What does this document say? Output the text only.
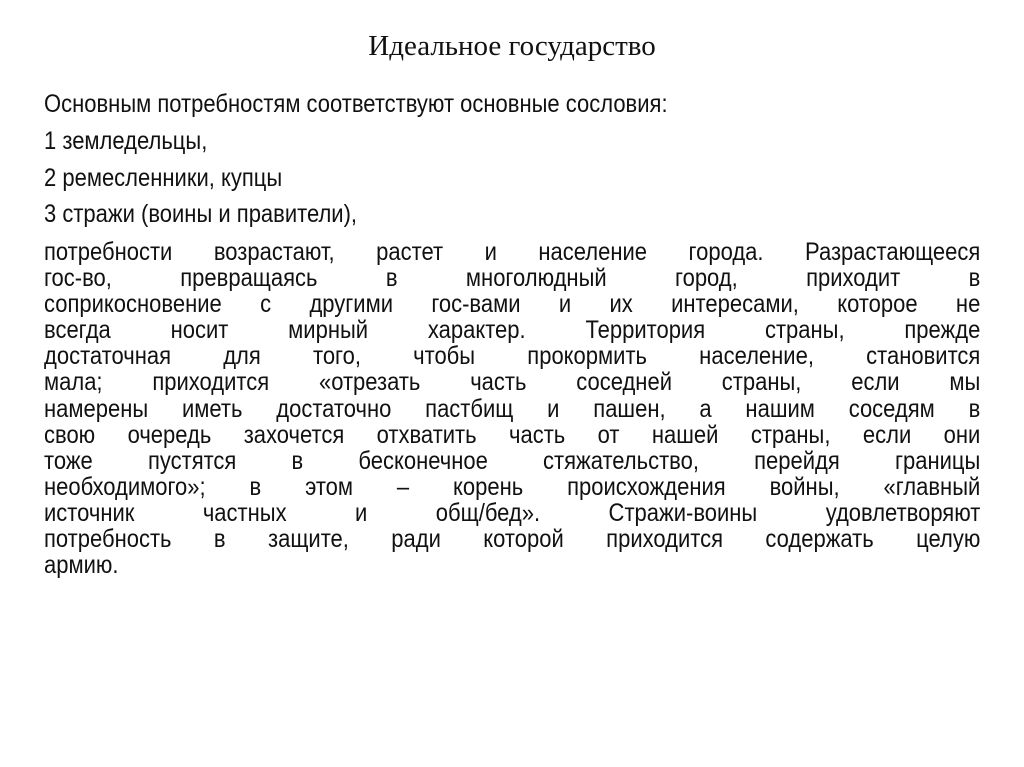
Идеальное государство
Основным потребностям соответствуют основные сословия:
1 земледельцы,
2 ремесленники, купцы
3 стражи (воины и правители),
потребности возрастают, растет и население города. Разрастающееся
гос-во, превращаясь в многолюдный город, приходит в
соприкосновение с другими гос-вами и их интересами, которое не
всегда носит мирный характер. Территория страны, прежде
достаточная для того, чтобы прокормить население, становится
мала; приходится «отрезать часть соседней страны, если мы
намерены иметь достаточно пастбищ и пашен, а нашим соседям в
свою очередь захочется отхватить часть от нашей страны, если они
тоже пустятся в бесконечное стяжательство, перейдя границы
необходимого»; в этом – корень происхождения войны, «главный
источник частных и общ/бед». Стражи-воины удовлетворяют
потребность в защите, ради которой приходится содержать целую
армию.
